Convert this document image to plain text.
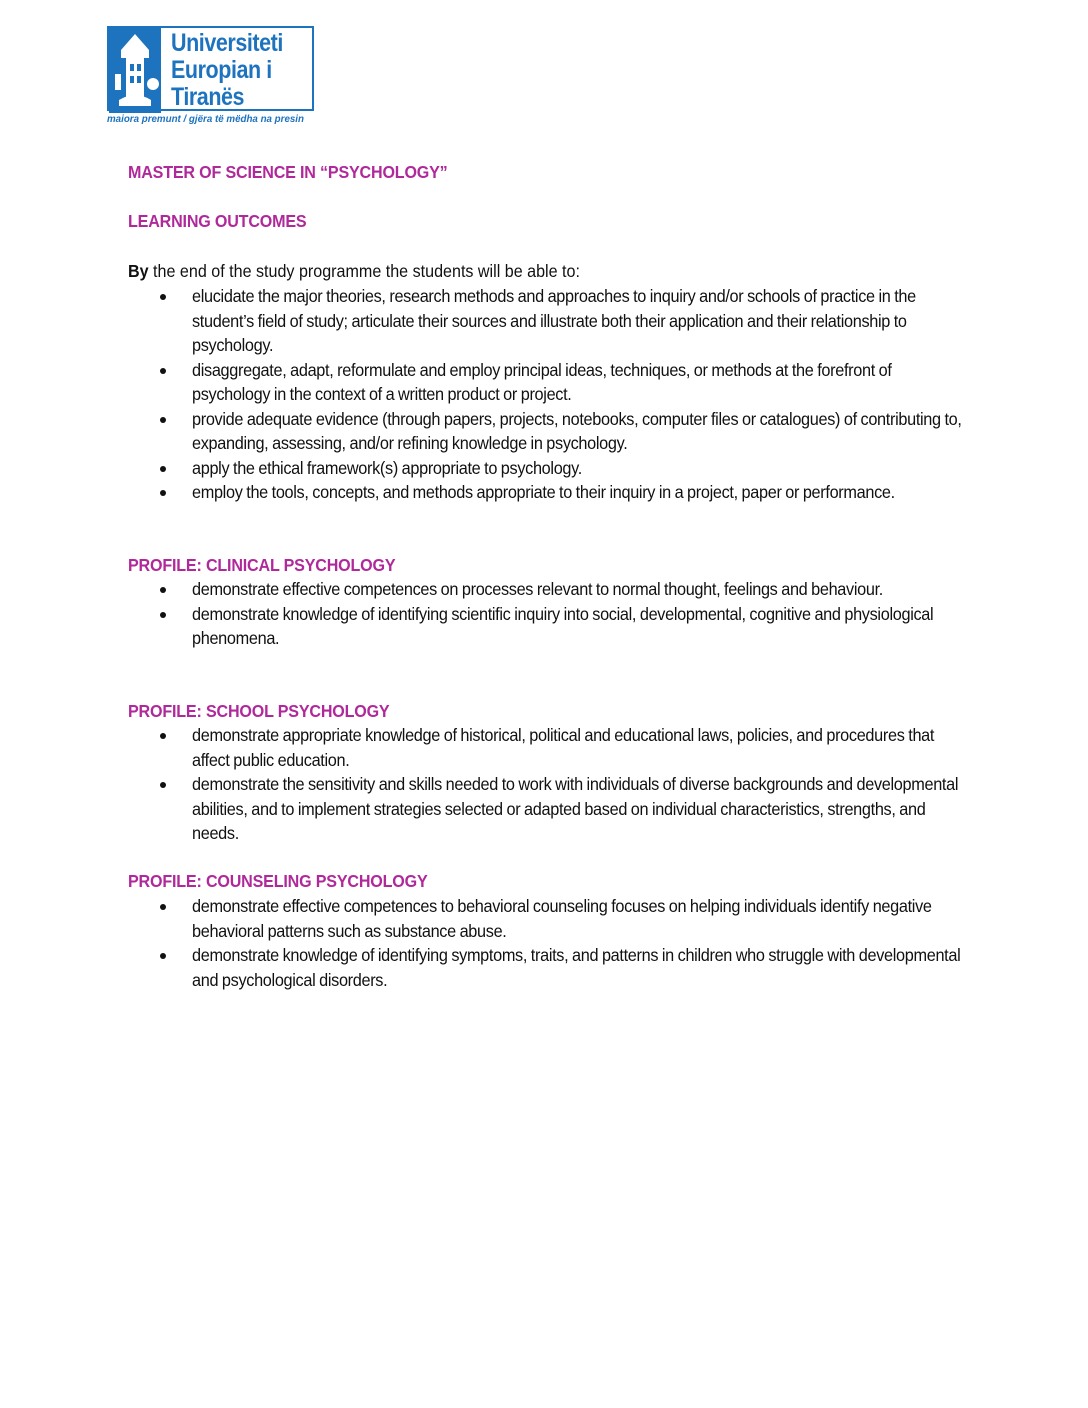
Universiteti
Europian i
Tiranës
maiora premunt / gjëra të mëdha na presin
MASTER OF SCIENCE IN “PSYCHOLOGY”
LEARNING OUTCOMES
By the end of the study programme the students will be able to:
elucidate the major theories, research methods and approaches to inquiry and/or schools of practice in the student’s field of study; articulate their sources and illustrate both their application and their relationship to psychology.
disaggregate, adapt, reformulate and employ principal ideas, techniques, or methods at the forefront of psychology in the context of a written product or project.
provide adequate evidence (through papers, projects, notebooks, computer files or catalogues) of contributing to, expanding, assessing, and/or refining knowledge in psychology.
apply the ethical framework(s) appropriate to psychology.
employ the tools, concepts, and methods appropriate to their inquiry in a project, paper or performance.
PROFILE: CLINICAL PSYCHOLOGY
demonstrate effective competences on processes relevant to normal thought, feelings and behaviour.
demonstrate knowledge of identifying scientific inquiry into social, developmental, cognitive and physiological phenomena.
PROFILE: SCHOOL PSYCHOLOGY
demonstrate appropriate knowledge of historical, political and educational laws, policies, and procedures that affect public education.
demonstrate the sensitivity and skills needed to work with individuals of diverse backgrounds and developmental abilities, and to implement strategies selected or adapted based on individual characteristics, strengths, and needs.
PROFILE: COUNSELING PSYCHOLOGY
demonstrate effective competences to behavioral counseling focuses on helping individuals identify negative behavioral patterns such as substance abuse.
demonstrate knowledge of identifying symptoms, traits, and patterns in children who struggle with developmental and psychological disorders.
